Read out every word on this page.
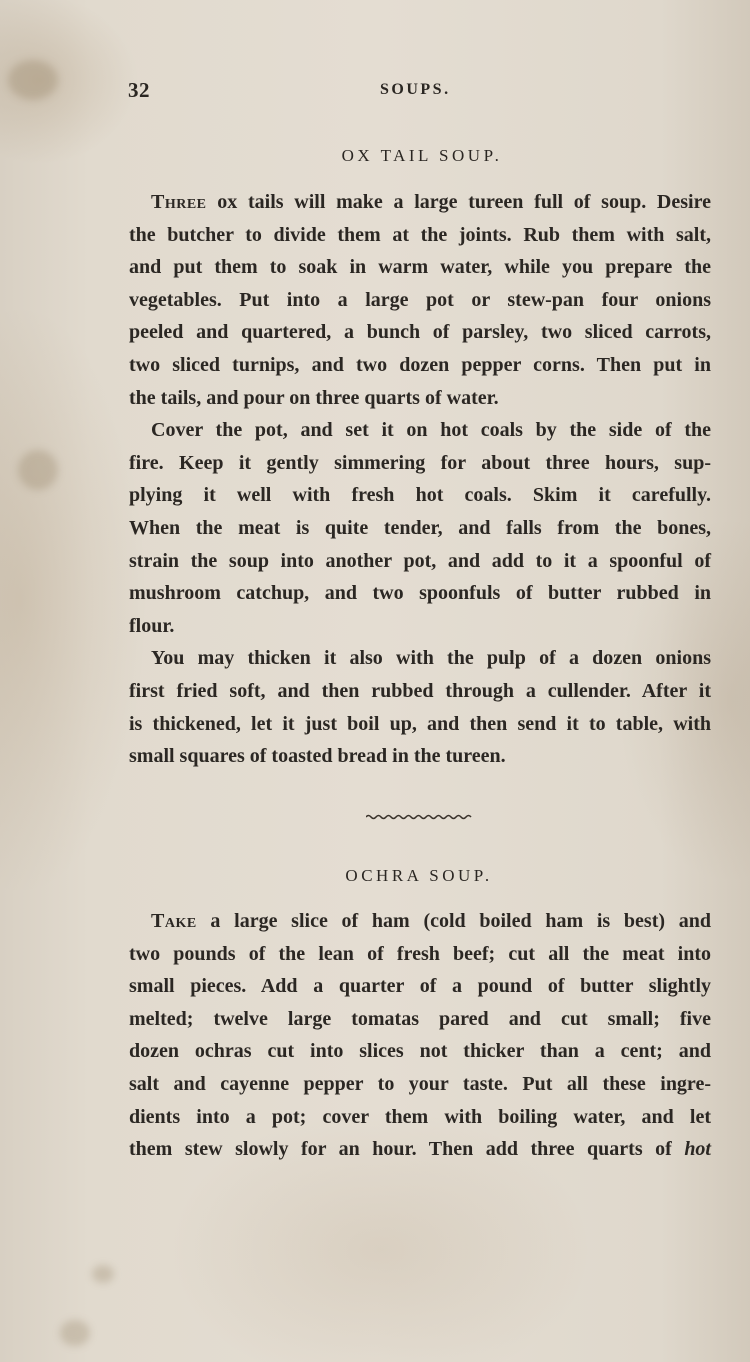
32	SOUPS.
OX TAIL SOUP.
Three ox tails will make a large tureen full of soup. Desire
the butcher to divide them at the joints. Rub them with salt,
and put them to soak in warm water, while you prepare the
vegetables. Put into a large pot or stew-pan four onions
peeled and quartered, a bunch of parsley, two sliced carrots,
two sliced turnips, and two dozen pepper corns. Then put in
the tails, and pour on three quarts of water.
Cover the pot, and set it on hot coals by the side of the
fire. Keep it gently simmering for about three hours, sup-
plying it well with fresh hot coals. Skim it carefully.
When the meat is quite tender, and falls from the bones,
strain the soup into another pot, and add to it a spoonful of
mushroom catchup, and two spoonfuls of butter rubbed in
flour.
You may thicken it also with the pulp of a dozen onions
first fried soft, and then rubbed through a cullender. After it
is thickened, let it just boil up, and then send it to table, with
small squares of toasted bread in the tureen.
OCHRA SOUP.
Take a large slice of ham (cold boiled ham is best) and
two pounds of the lean of fresh beef; cut all the meat into
small pieces. Add a quarter of a pound of butter slightly
melted; twelve large tomatas pared and cut small; five
dozen ochras cut into slices not thicker than a cent; and
salt and cayenne pepper to your taste. Put all these ingre-
dients into a pot; cover them with boiling water, and let
them stew slowly for an hour. Then add three quarts of hot
